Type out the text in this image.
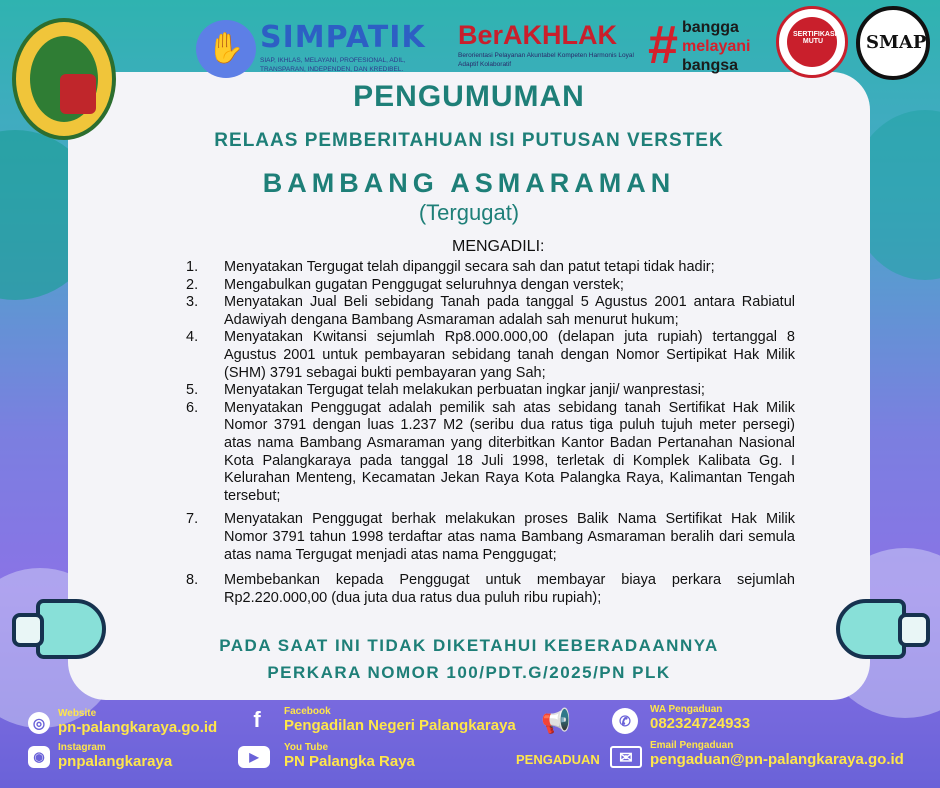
✋ SIMPATIK
SIAP, IKHLAS, MELAYANI, PROFESIONAL, ADIL, TRANSPARAN, INDEPENDEN, DAN KREDIBEL.
BerAKHLAK
Berorientasi Pelayanan Akuntabel Kompeten Harmonis Loyal Adaptif Kolaboratif	# bangga
melayani
bangsa
SERTIFIKASI MUTU	SMAP
PENGUMUMAN
RELAAS PEMBERITAHUAN ISI PUTUSAN VERSTEK
BAMBANG ASMARAMAN
(Tergugat)
MENGADILI:
1. Menyatakan Tergugat telah dipanggil secara sah dan patut tetapi tidak hadir;
2. Mengabulkan gugatan Penggugat seluruhnya dengan verstek;
3. Menyatakan Jual Beli sebidang Tanah pada tanggal 5 Agustus 2001 antara Rabiatul Adawiyah dengana Bambang Asmaraman adalah sah menurut hukum;
4. Menyatakan Kwitansi sejumlah Rp8.000.000,00 (delapan juta rupiah) tertanggal 8 Agustus 2001 untuk pembayaran sebidang tanah dengan Nomor Sertipikat Hak Milik (SHM) 3791 sebagai bukti pembayaran yang Sah;
5. Menyatakan Tergugat telah melakukan perbuatan ingkar janji/ wanprestasi;
6. Menyatakan Penggugat adalah pemilik sah atas sebidang tanah Sertifikat Hak Milik Nomor 3791 dengan luas 1.237 M2 (seribu dua ratus tiga puluh tujuh meter persegi) atas nama Bambang Asmaraman yang diterbitkan Kantor Badan Pertanahan Nasional Kota Palangkaraya pada tanggal 18 Juli 1998, terletak di Komplek Kalibata Gg. I Kelurahan Menteng, Kecamatan Jekan Raya Kota Palangka Raya, Kalimantan Tengah tersebut;
7. Menyatakan Penggugat berhak melakukan proses Balik Nama Sertifikat Hak Milik Nomor 3791 tahun 1998 terdaftar atas nama Bambang Asmaraman beralih dari semula atas nama Tergugat menjadi atas nama Penggugat;
8. Membebankan kepada Penggugat untuk membayar biaya perkara sejumlah Rp2.220.000,00 (dua juta dua ratus dua puluh ribu rupiah);
PADA SAAT INI TIDAK DIKETAHUI KEBERADAANNYA
PERKARA NOMOR 100/PDT.G/2025/PN PLK
◎
Website
pn-palangkaraya.go.id
◉
Instagram
pnpalangkaraya
f	Facebook
Pengadilan Negeri Palangkaraya
▶
You Tube
PN Palangka Raya
📢
PENGADUAN
✆
WA Pengaduan
082324724933
✉
Email Pengaduan
pengaduan@pn-palangkaraya.go.id
